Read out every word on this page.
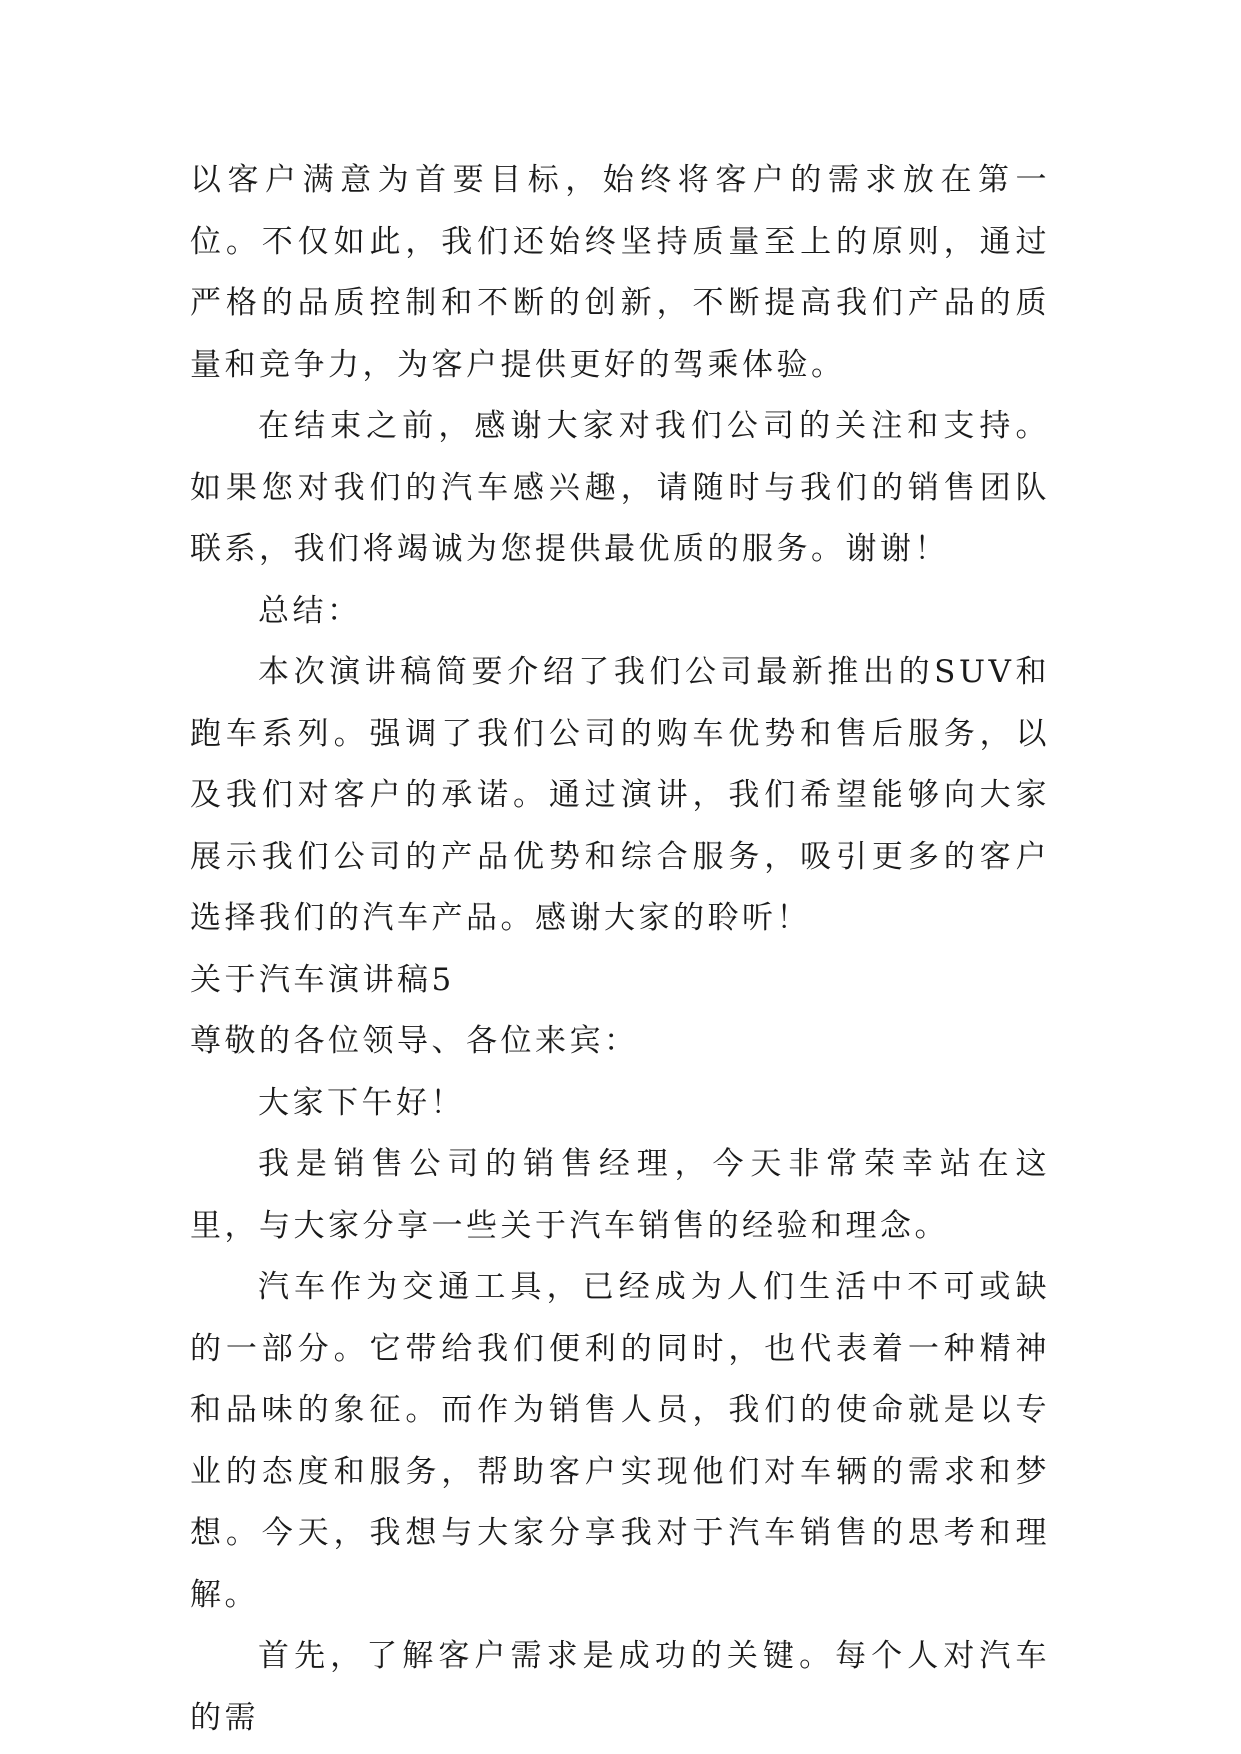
以客户满意为首要目标，始终将客户的需求放在第一位。不仅如此，我们还始终坚持质量至上的原则，通过严格的品质控制和不断的创新，不断提高我们产品的质量和竞争力，为客户提供更好的驾乘体验。

在结束之前，感谢大家对我们公司的关注和支持。如果您对我们的汽车感兴趣，请随时与我们的销售团队联系，我们将竭诚为您提供最优质的服务。谢谢！

总结：

本次演讲稿简要介绍了我们公司最新推出的SUV和跑车系列。强调了我们公司的购车优势和售后服务，以及我们对客户的承诺。通过演讲，我们希望能够向大家展示我们公司的产品优势和综合服务，吸引更多的客户选择我们的汽车产品。感谢大家的聆听！

关于汽车演讲稿5

尊敬的各位领导、各位来宾：

大家下午好！

我是销售公司的销售经理，今天非常荣幸站在这里，与大家分享一些关于汽车销售的经验和理念。

汽车作为交通工具，已经成为人们生活中不可或缺的一部分。它带给我们便利的同时，也代表着一种精神和品味的象征。而作为销售人员，我们的使命就是以专业的态度和服务，帮助客户实现他们对车辆的需求和梦想。今天，我想与大家分享我对于汽车销售的思考和理解。

首先，了解客户需求是成功的关键。每个人对汽车的需
